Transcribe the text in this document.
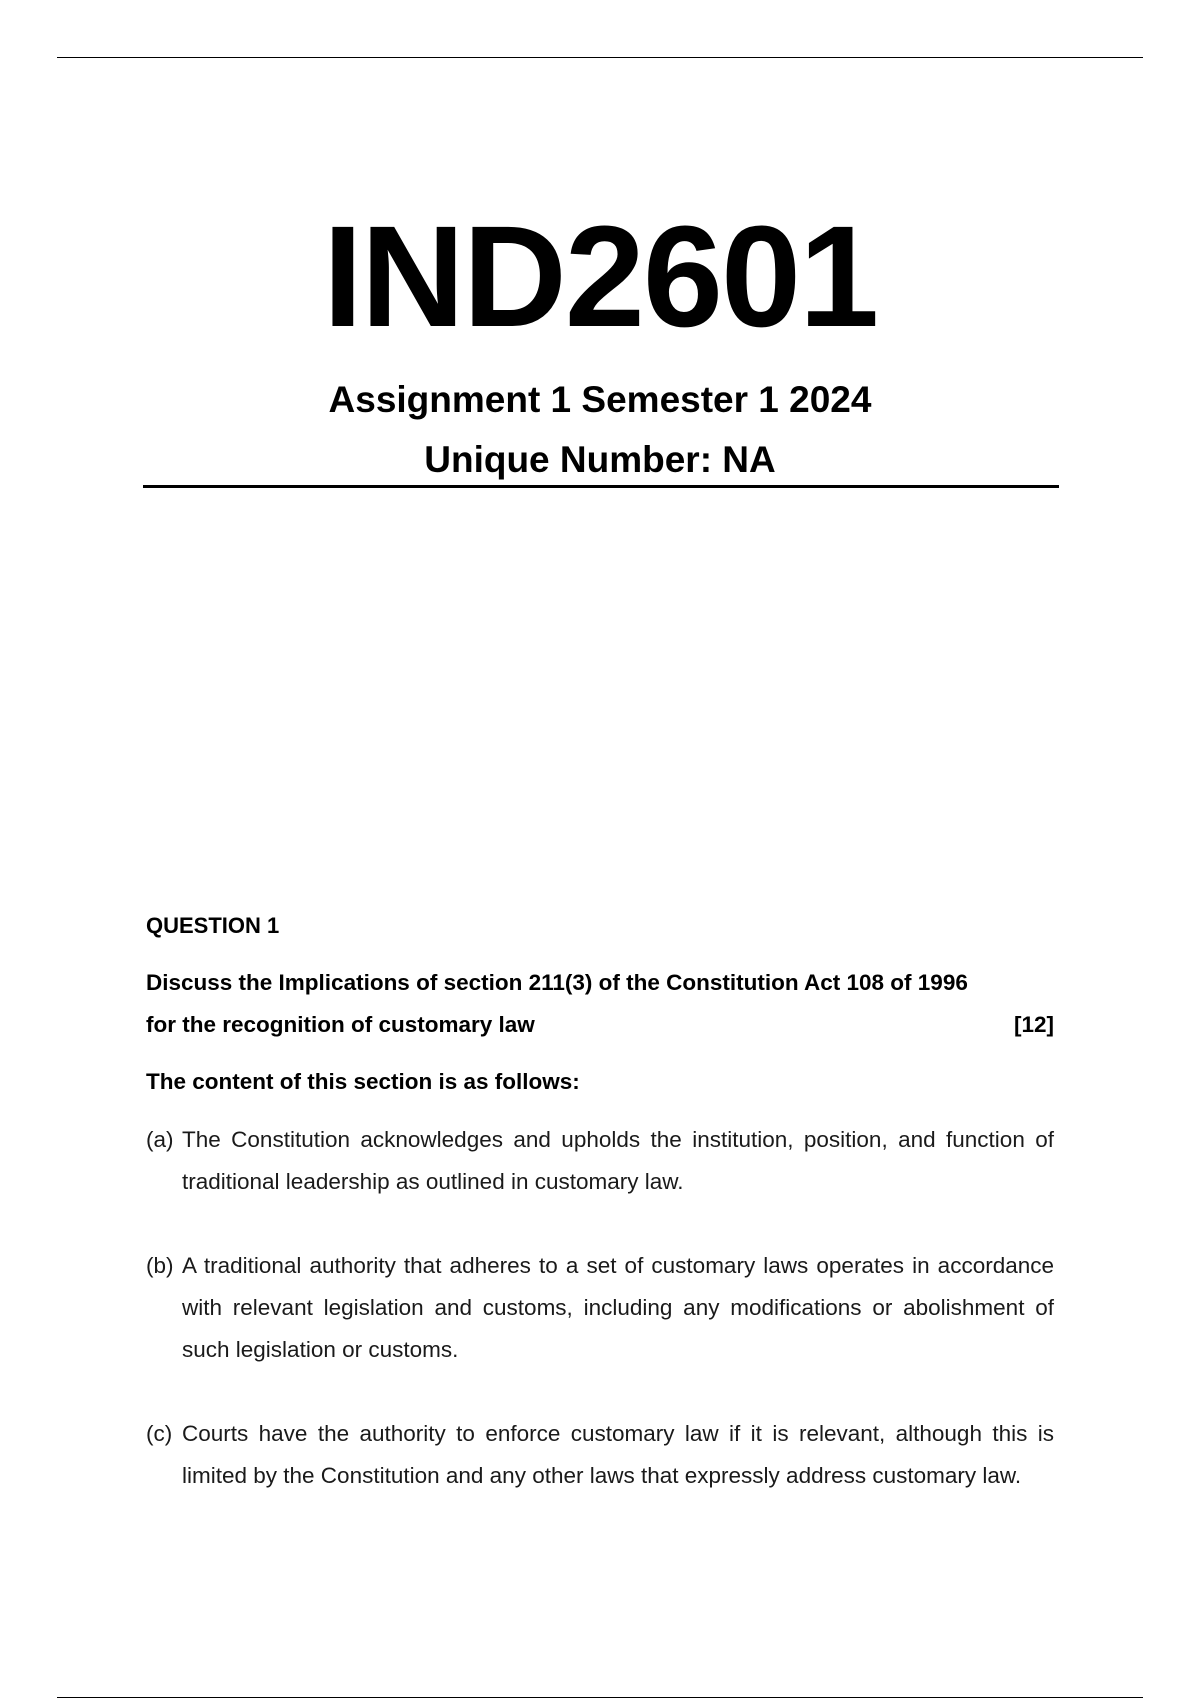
IND2601
Assignment 1 Semester 1 2024
Unique Number: NA
QUESTION 1
Discuss the Implications of section 211(3) of the Constitution Act 108 of 1996
for the recognition of customary law	[12]
The content of this section is as follows:
(a) The Constitution acknowledges and upholds the institution, position, and function of traditional leadership as outlined in customary law.
(b) A traditional authority that adheres to a set of customary laws operates in accordance with relevant legislation and customs, including any modifications or abolishment of such legislation or customs.
(c) Courts have the authority to enforce customary law if it is relevant, although this is limited by the Constitution and any other laws that expressly address customary law.
